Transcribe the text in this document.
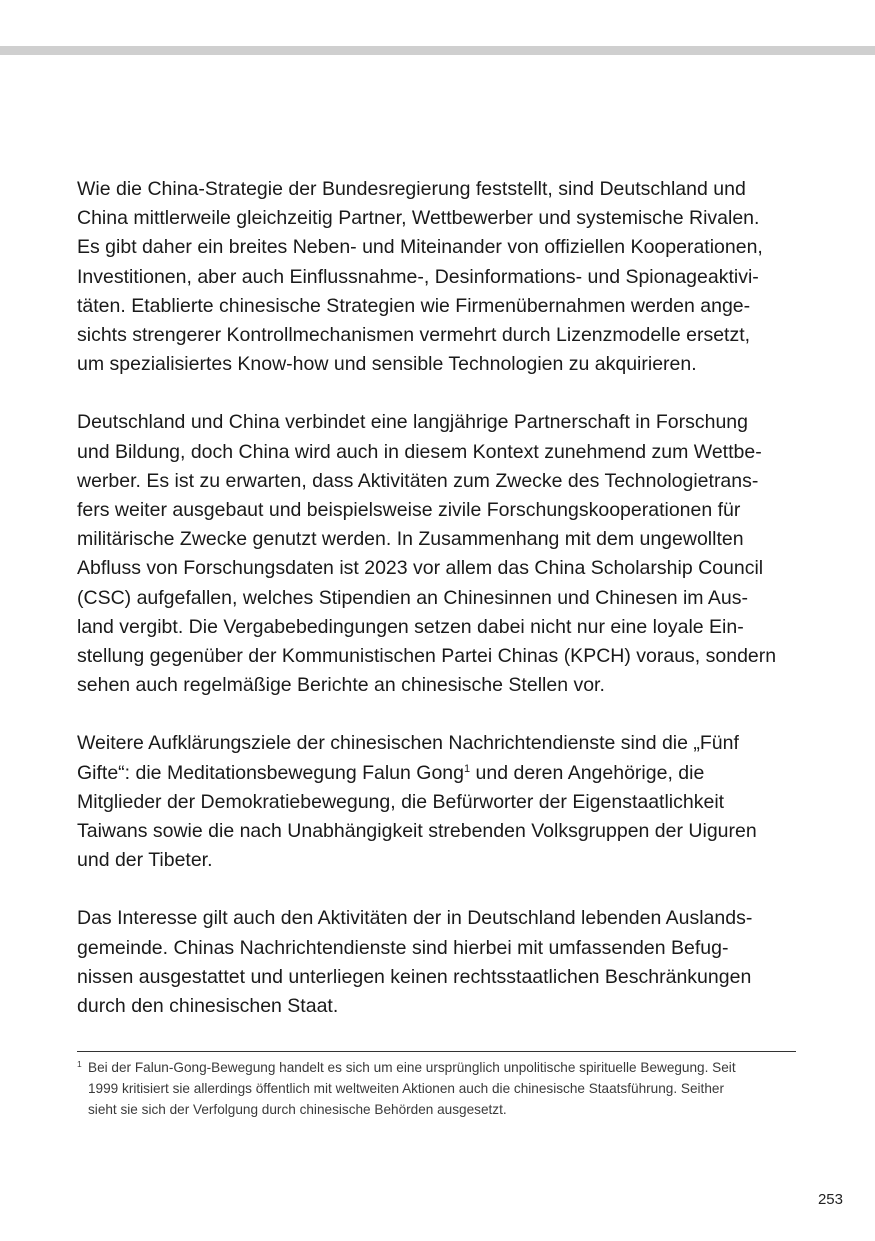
Wie die China-Strategie der Bundesregierung feststellt, sind Deutschland und
China mittlerweile gleichzeitig Partner, Wettbewerber und systemische Rivalen.
Es gibt daher ein breites Neben- und Miteinander von offiziellen Kooperationen,
Investitionen, aber auch Einflussnahme-, Desinformations- und Spionageaktivi-
täten. Etablierte chinesische Strategien wie Firmenübernahmen werden ange-
sichts strengerer Kontrollmechanismen vermehrt durch Lizenzmodelle ersetzt,
um spezialisiertes Know-how und sensible Technologien zu akquirieren.

Deutschland und China verbindet eine langjährige Partnerschaft in Forschung
und Bildung, doch China wird auch in diesem Kontext zunehmend zum Wettbe-
werber. Es ist zu erwarten, dass Aktivitäten zum Zwecke des Technologietrans-
fers weiter ausgebaut und beispielsweise zivile Forschungskooperationen für
militärische Zwecke genutzt werden. In Zusammenhang mit dem ungewollten
Abfluss von Forschungsdaten ist 2023 vor allem das China Scholarship Council
(CSC) aufgefallen, welches Stipendien an Chinesinnen und Chinesen im Aus-
land vergibt. Die Vergabebedingungen setzen dabei nicht nur eine loyale Ein-
stellung gegenüber der Kommunistischen Partei Chinas (KPCH) voraus, sondern
sehen auch regelmäßige Berichte an chinesische Stellen vor.

Weitere Aufklärungsziele der chinesischen Nachrichtendienste sind die „Fünf
Gifte“: die Meditationsbewegung Falun Gong$^1$ und deren Angehörige, die
Mitglieder der Demokratiebewegung, die Befürworter der Eigenstaatlichkeit
Taiwans sowie die nach Unabhängigkeit strebenden Volksgruppen der Uiguren
und der Tibeter.

Das Interesse gilt auch den Aktivitäten der in Deutschland lebenden Auslands-
gemeinde. Chinas Nachrichtendienste sind hierbei mit umfassenden Befug-
nissen ausgestattet und unterliegen keinen rechtsstaatlichen Beschränkungen
durch den chinesischen Staat.

1 Bei der Falun-Gong-Bewegung handelt es sich um eine ursprünglich unpolitische spirituelle Bewegung. Seit
1999 kritisiert sie allerdings öffentlich mit weltweiten Aktionen auch die chinesische Staatsführung. Seither
sieht sie sich der Verfolgung durch chinesische Behörden ausgesetzt.
253
